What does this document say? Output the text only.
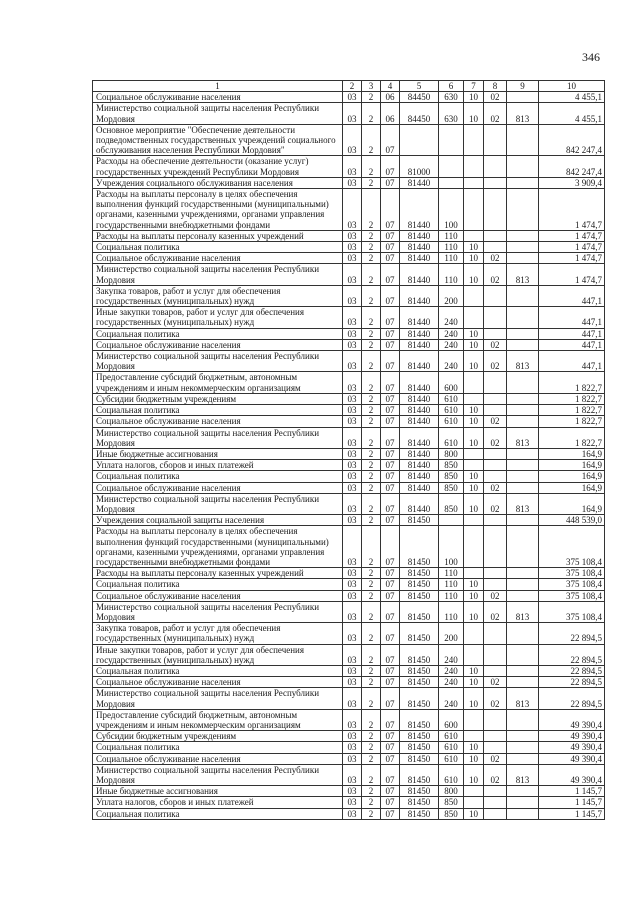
346
1	2	3	4	5	6	7	8	9	10
Социальное обслуживание населения	03	2	06	84450	630	10	02		4 455,1
Министерство социальной защиты населения Республики Мордовия	03	2	06	84450	630	10	02	813	4 455,1
Основное мероприятие "Обеспечение деятельности подведомственных государственных учреждений социального обслуживания населения Республики Мордовия"	03	2	07						842 247,4
Расходы на обеспечение деятельности (оказание услуг) государственных учреждений Республики Мордовия	03	2	07	81000					842 247,4
Учреждения социального обслуживания населения	03	2	07	81440					3 909,4
Расходы на выплаты персоналу в целях обеспечения выполнения функций государственными (муниципальными) органами, казенными учреждениями, органами управления государственными внебюджетными фондами	03	2	07	81440	100				1 474,7
Расходы на выплаты персоналу казенных учреждений	03	2	07	81440	110				1 474,7
Социальная политика	03	2	07	81440	110	10			1 474,7
Социальное обслуживание населения	03	2	07	81440	110	10	02		1 474,7
Министерство социальной защиты населения Республики Мордовия	03	2	07	81440	110	10	02	813	1 474,7
Закупка товаров, работ и услуг для обеспечения государственных (муниципальных) нужд	03	2	07	81440	200				447,1
Иные закупки товаров, работ и услуг для обеспечения государственных (муниципальных) нужд	03	2	07	81440	240				447,1
Социальная политика	03	2	07	81440	240	10			447,1
Социальное обслуживание населения	03	2	07	81440	240	10	02		447,1
Министерство социальной защиты населения Республики Мордовия	03	2	07	81440	240	10	02	813	447,1
Предоставление субсидий бюджетным, автономным учреждениям и иным некоммерческим организациям	03	2	07	81440	600				1 822,7
Субсидии бюджетным учреждениям	03	2	07	81440	610				1 822,7
Социальная политика	03	2	07	81440	610	10			1 822,7
Социальное обслуживание населения	03	2	07	81440	610	10	02		1 822,7
Министерство социальной защиты населения Республики Мордовия	03	2	07	81440	610	10	02	813	1 822,7
Иные бюджетные ассигнования	03	2	07	81440	800				164,9
Уплата налогов, сборов и иных платежей	03	2	07	81440	850				164,9
Социальная политика	03	2	07	81440	850	10			164,9
Социальное обслуживание населения	03	2	07	81440	850	10	02		164,9
Министерство социальной защиты населения Республики Мордовия	03	2	07	81440	850	10	02	813	164,9
Учреждения социальной защиты населения	03	2	07	81450					448 539,0
Расходы на выплаты персоналу в целях обеспечения выполнения функций государственными (муниципальными) органами, казенными учреждениями, органами управления государственными внебюджетными фондами	03	2	07	81450	100				375 108,4
Расходы на выплаты персоналу казенных учреждений	03	2	07	81450	110				375 108,4
Социальная политика	03	2	07	81450	110	10			375 108,4
Социальное обслуживание населения	03	2	07	81450	110	10	02		375 108,4
Министерство социальной защиты населения Республики Мордовия	03	2	07	81450	110	10	02	813	375 108,4
Закупка товаров, работ и услуг для обеспечения государственных (муниципальных) нужд	03	2	07	81450	200				22 894,5
Иные закупки товаров, работ и услуг для обеспечения государственных (муниципальных) нужд	03	2	07	81450	240				22 894,5
Социальная политика	03	2	07	81450	240	10			22 894,5
Социальное обслуживание населения	03	2	07	81450	240	10	02		22 894,5
Министерство социальной защиты населения Республики Мордовия	03	2	07	81450	240	10	02	813	22 894,5
Предоставление субсидий бюджетным, автономным учреждениям и иным некоммерческим организациям	03	2	07	81450	600				49 390,4
Субсидии бюджетным учреждениям	03	2	07	81450	610				49 390,4
Социальная политика	03	2	07	81450	610	10			49 390,4
Социальное обслуживание населения	03	2	07	81450	610	10	02		49 390,4
Министерство социальной защиты населения Республики Мордовия	03	2	07	81450	610	10	02	813	49 390,4
Иные бюджетные ассигнования	03	2	07	81450	800				1 145,7
Уплата налогов, сборов и иных платежей	03	2	07	81450	850				1 145,7
Социальная политика	03	2	07	81450	850	10			1 145,7
